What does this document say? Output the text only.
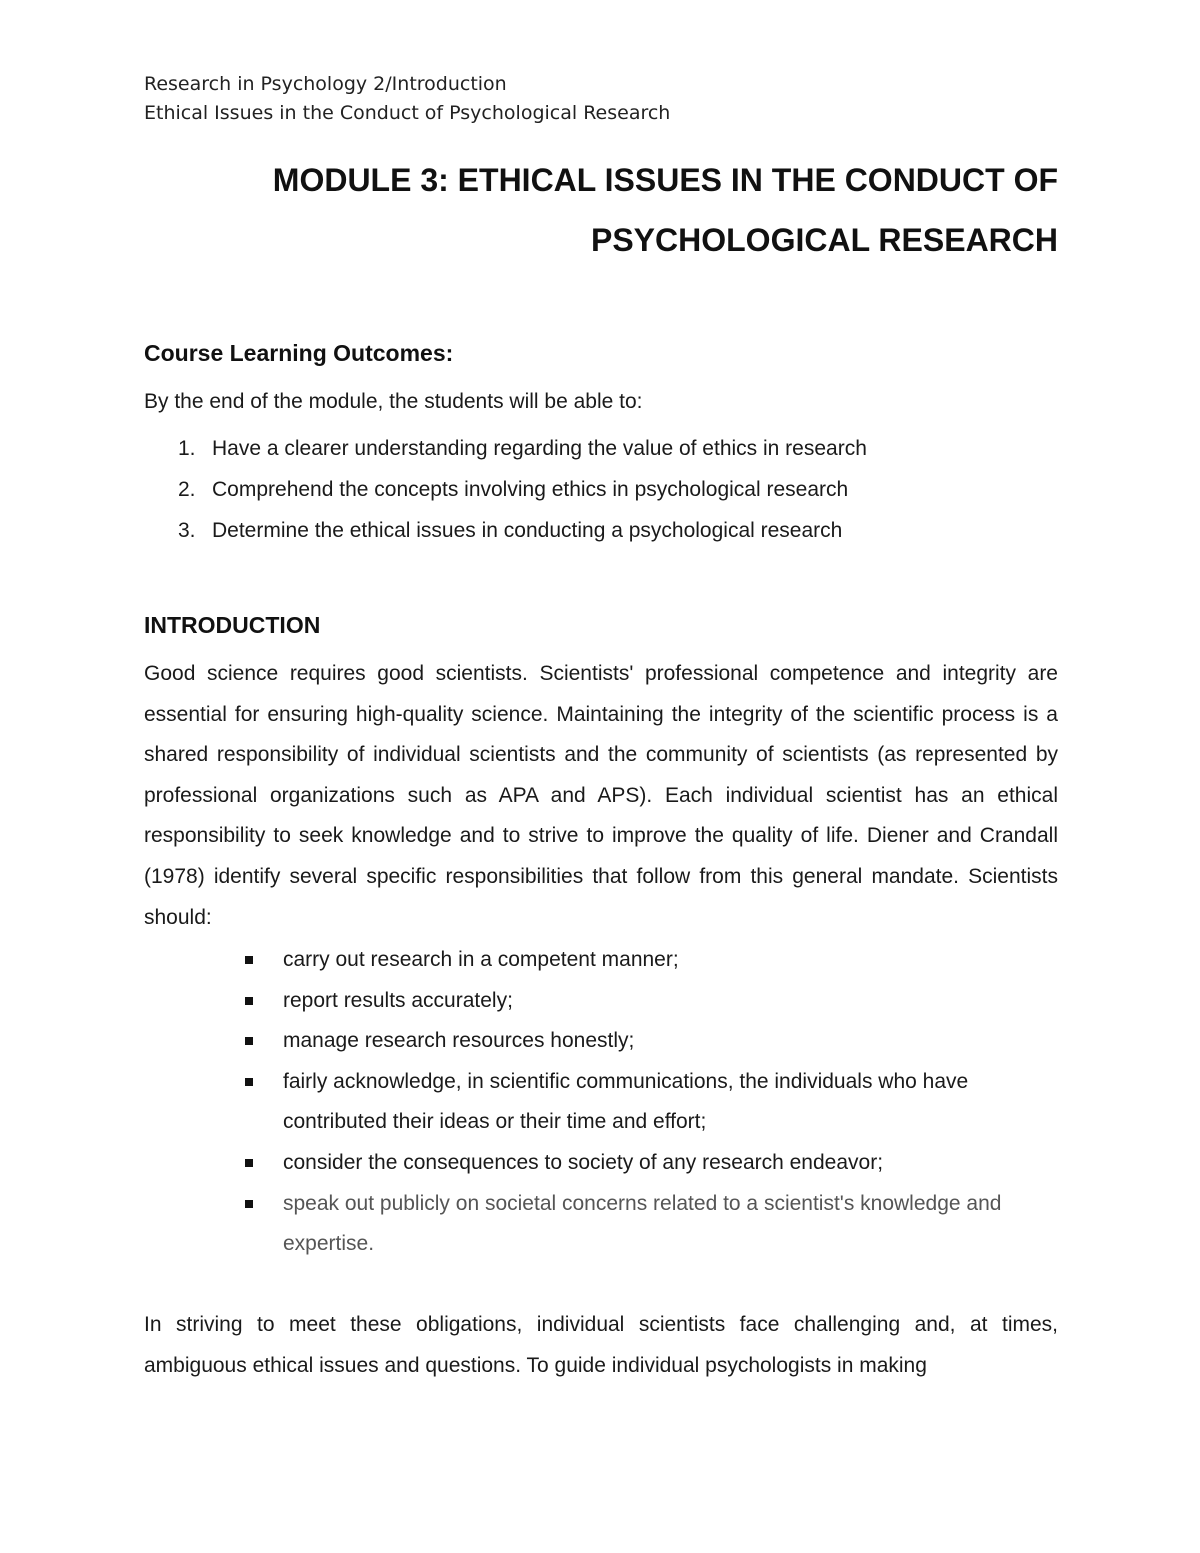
Research in Psychology 2/Introduction
Ethical Issues in the Conduct of Psychological Research
MODULE 3: ETHICAL ISSUES IN THE CONDUCT OF
PSYCHOLOGICAL RESEARCH
Course Learning Outcomes:
By the end of the module, the students will be able to:
1. Have a clearer understanding regarding the value of ethics in research
2. Comprehend the concepts involving ethics in psychological research
3. Determine the ethical issues in conducting a psychological research
INTRODUCTION
Good science requires good scientists. Scientists' professional competence and integrity are essential for ensuring high-quality science. Maintaining the integrity of the scientific process is a shared responsibility of individual scientists and the community of scientists (as represented by professional organizations such as APA and APS). Each individual scientist has an ethical responsibility to seek knowledge and to strive to improve the quality of life. Diener and Crandall (1978) identify several specific responsibilities that follow from this general mandate. Scientists should:
carry out research in a competent manner;
report results accurately;
manage research resources honestly;
fairly acknowledge, in scientific communications, the individuals who have contributed their ideas or their time and effort;
consider the consequences to society of any research endeavor;
speak out publicly on societal concerns related to a scientist's knowledge and expertise.
In striving to meet these obligations, individual scientists face challenging and, at times, ambiguous ethical issues and questions. To guide individual psychologists in making
